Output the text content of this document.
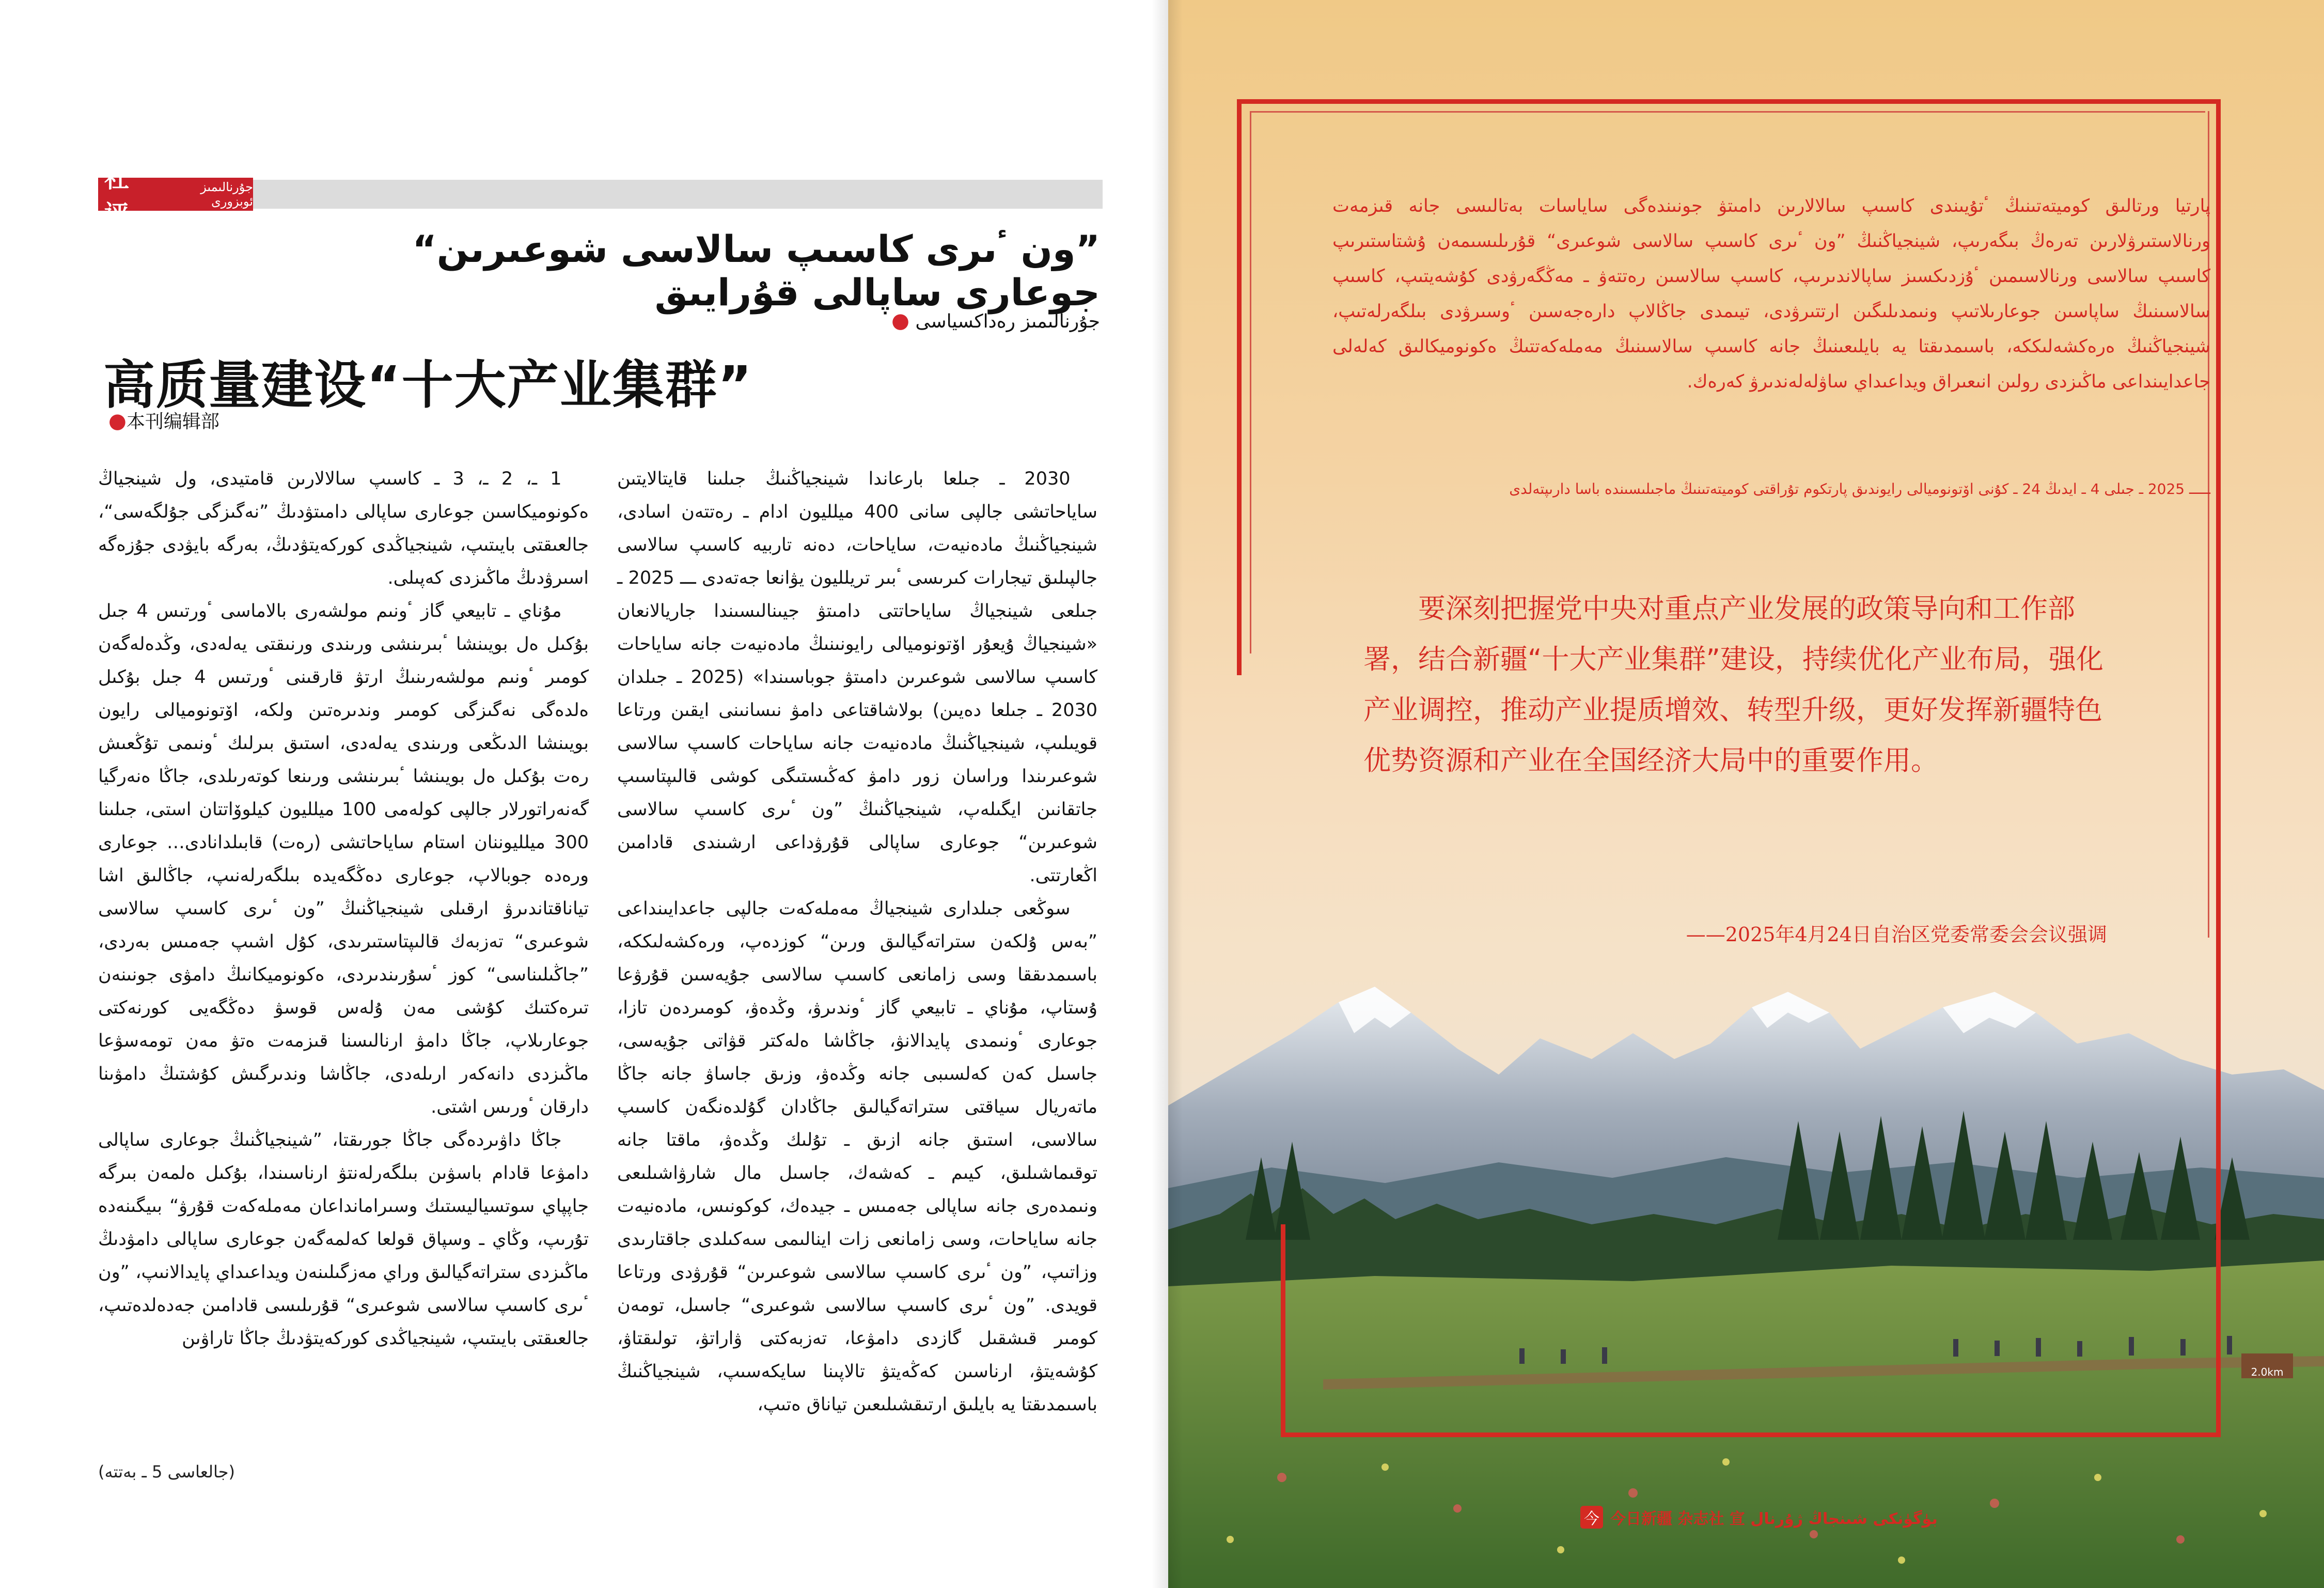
社评
جۇرنالىمىز ئوبزورى
”ون ٴىرى كاسىپ سالاسى شوعىرىن“ جوعارى ساپالى قۇرايىق
جۇرنالىمىز رەداكسياسى ●
高质量建设“十大产业集群”
●本刊编辑部

2030 ـ جىلعا بارعاندا شينجياڭنىڭ جىلىنا قايتالايتىن ساياحاتشى جالپى سانى 400 ميلليون ادام ـ رەتتەن اسادى، شينجياڭنىڭ مادەنيەت، ساياحات، دەنە تاربيە كاسىپ سالاسى جالپىلىق تيجارات كىرىسى ٴبىر تريلليون يۋانعا جەتەدى ـــ 2025 ـ جىلعى شينجياڭ ساياحاتتى دامىتۋ جيىنالىسىندا جاريالانعان «شينجياڭ ۇيعۇر اۆتونوميالى رايونىنىڭ مادەنيەت جانە ساياحات كاسىپ سالاسى شوعىرىن دامىتۋ جوباسىندا» (2025 ـ جىلدان 2030 ـ جىلعا دەيىن) بولاشاقتاعى دامۋ نىسانىنى ايقىن ورتاعا قويىلىپ، شينجياڭنىڭ مادەنيەت جانە ساياحات كاسىپ سالاسى شوعىرىندا وراسان زور دامۋ كەڭىستىگى كوشى قالىپتاسىپ جاتقانىن ايگىلەپ، شينجياڭنىڭ ”ون ٴىرى كاسىپ سالاسى شوعىرىن“ جوعارى ساپالى قۇرۋداعى ارشىندى قادامىن اڭعارتتى.

سوڭعى جىلدارى شينجياڭ مەملەكەت جالپى جاعدايىنداعى ”بەس ۇلكەن ستراتەگيالىق ورىن“ كوزدەپ، ورەكشەلىككە، باسىمدىققا وسى زامانعى كاسىپ سالاسى جۇيەسىن قۇرۋعا ۇستاپ، مۇناي ـ تابيعي گاز ٴوندىرۋ، وڭدەۋ، كومىردەن تازا، جوعارى ٴونىمدى پايدالانۋ، جاڭاشا ەلەكتر قۋاتى جۇيەسى، جاسىل كەن كەلسىبى جانە وڭدەۋ، وزىق جاساۋ جانە جاڭا ماتەريال سياقتى ستراتەگيالىق جاڭادان گۇلدەنگەن كاسىپ سالاسى، استىق جانە ازىق ـ تۇلىك وڭدەۋ، ماقتا جانە توقىماشىلىق، كيىم ـ كەشەك، جاسىل مال شارۋاشىلىعى ونىمدەرى جانە ساپالى جەمىس ـ جيدەك، كوكونىس، مادەنيەت جانە ساياحات، وسى زامانعى زات اينالىمى سەكىلدى جاقتارىدى وزاتىپ، ”ون ٴىرى كاسىپ سالاسى شوعىرىن“ قۇرۋدى ورتاعا قويدى. ”ون ٴىرى كاسىپ سالاسى شوعىرى“ جاسىل، تومەن كومىر قىشقىل گازدى دامۋعا، تەزبەكتى ۋاراتۋ، تولىقتاۋ، كۇشەيتۋ، ارناسىن كەڭەيتۋ تالاپىنا سايكەسىپ، شينجياڭنىڭ باسىمدىقتا يە بايلىق ارتىقشىلىعىن تياناق ەتىپ،

1 ـ، 2 ـ، 3 ـ كاسىپ سالالارىن قامتيدى، ول شينجياڭ ەكونوميكاسىن جوعارى ساپالى دامىتۋدىڭ ”نەگىزگى جۇلگەسى“، جالعىقتى بايىتىپ، شينجياڭدى كوركەيتۋدىڭ، بەرگە بايۋدى جۇزەگە اسىرۋدىڭ ماڭىزدى كەپىلى.

مۇناي ـ تابيعي گاز ٴونىم مولشەرى بالاماسى ٴورتىس 4 جىل بۇكىل ەل بويىنشا ٴبىرىنشى ورىندى ورنىقتى يەلەدى، وڭدەلەگەن كومىر ٴونىم مولشەرىنىڭ ارتۋ قارقىنى ٴورتىس 4 جىل بۇكىل ەلدەگى نەگىزگى كومىر وندىرەتىن ولكە، اۆتونوميالى رايون بويىنشا الدىڭعى ورىندى يەلەدى، استىق بىرلىك ٴونىمى تۇڭعىش رەت بۇكىل ەل بويىنشا ٴبىرىنشى ورىنعا كوتەرىلدى، جاڭا ەنەرگيا گەنەراتورلار جالپى كولەمى 100 ميلليون كيلوۆاتتان استى، جىلىنا 300 ميلليوننان استام ساياحاتشى (رەت) قابىلدانادى… جوعارى ورەدە جوبالاپ، جوعارى دەڭگەيدە بىلگەرلەنىپ، جاڭالىق اشا تياناقتاندىرۋ ارقىلى شينجياڭنىڭ ”ون ٴىرى كاسىپ سالاسى شوعىرى“ تەزبەك قالىپتاستىرىدى، كۇل اشىپ جەمىس بەردى، ”جاڭىلىناسى“ كوز ٴسۇرىندىردى، ەكونوميكانىڭ دامۋى جونىنەن تىرەكتىك كۇشى مەن ۇلەس قوسۋ دەڭگەيى كورنەكتى جوعارىلاپ، جاڭا دامۋ ارنالىسنا قىزمەت ەتۋ مەن تومەسۋعا ماڭىزدى دانەكەر ارىلەدى، جاڭاشا وندىرگىش كۇشتىڭ دامۋىنا دارقان ٴورىس اشتى.

جاڭا داۋىردەگى جاڭا جورىقتا، ”شينجياڭنىڭ جوعارى ساپالى دامۋعا قادام باسۋىن بىلگەرلەنتۋ ارناسىندا، بۇكىل ەلمەن بىرگە جاپپاي سوتسياليستىك وسىرامانداعان مەملەكەت قۇرۋ“ بىيگىنەدە تۇرىپ، وڭاي ـ وسپاق قولعا كەلمەگەن جوعارى ساپالى دامۋدىڭ ماڭىزدى ستراتەگيالىق وراي مەزگىلىنەن ويداعىداي پايدالانىپ، ”ون ٴىرى كاسىپ سالاسى شوعىرى“ قۇرىلىسى قادامىن جەدەلدەتىپ، جالعىقتى بايىتىپ، شينجياڭدى كوركەيتۋدىڭ جاڭا تاراۋىن

(جالعاسى 5 ـ بەتتە)
2.0km
پارتيا ورتالىق كوميتەتىنىڭ ٴتۇيىندى كاسىپ سالالارىن دامىتۋ جونىندەگى ساياسات بەتالىسى جانە قىزمەت ورنالاستىرۋلارىن تەرەڭ بىگەرىپ، شينجياڭنىڭ ”ون ٴىرى كاسىپ سالاسى شوعىرى“ قۇرىلىسىمەن ۇشتاستىرىپ كاسىپ سالاسى ورنالاسىمىن ٴۇزدىكسىز ساپالاندىرىپ، كاسىپ سالاسىن رەتتەۋ ـ مەڭگەرۋدى كۇشەيتىپ، كاسىپ سالاسىنىڭ ساپاسىن جوعارىلاتىپ ونىمدىلىگىن ارتتىرۋدى، تيىمدى جاڭالاپ دارەجەسىن ٴوسىرۋدى بىلگەرلەتىپ، شينجياڭنىڭ ەرەكشەلىككە، باسىمدىقتا يە بايلىعىنىڭ جانە كاسىپ سالاسىنىڭ مەملەكەتتىڭ ەكونوميكالىق كەلەلى جاعدايىنداعى ماڭىزدى رولىن انىعىراق ويداعىداي ساۋلەلەندىرۋ كەرەك.
ـــــ 2025 ـ جىلى 4 ـ ايدىڭ 24 ـ كۇنى اۆتونوميالى رايوندىق پارتكوم تۇراقتى كوميتەتىنىڭ ماجىلىسىندە باسا دارىپتەلدى
要深刻把握党中央对重点产业发展的政策导向和工作部署，结合新疆“十大产业集群”建设，持续优化产业布局，强化产业调控，推动产业提质增效、转型升级，更好发挥新疆特色优势资源和产业在全国经济大局中的重要作用。
——2025年4月24日自治区党委常委会会议强调
今 今日新疆 杂志社 宣 بۈگۈنكى شىنجاڭ ژۇرنال
